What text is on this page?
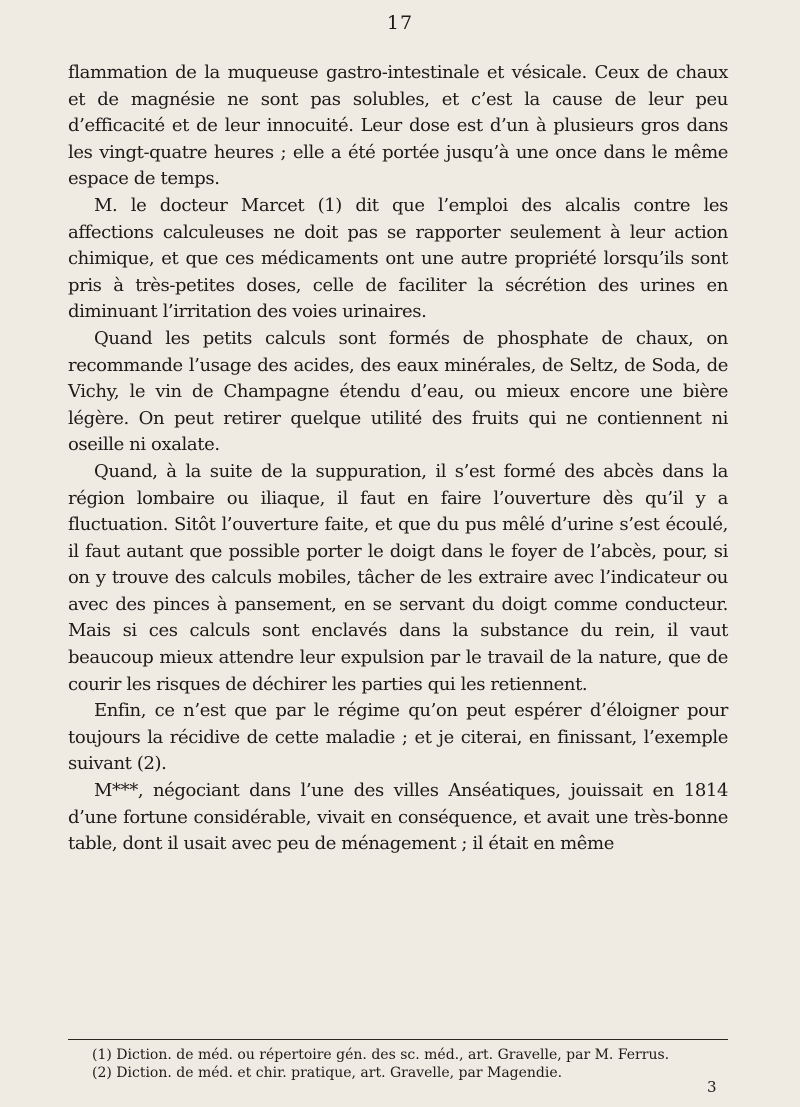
17

flammation de la muqueuse gastro-intestinale et vésicale. Ceux de chaux et de magnésie ne sont pas solubles, et c’est la cause de leur peu d’efficacité et de leur innocuité. Leur dose est d’un à plusieurs gros dans les vingt-quatre heures ; elle a été portée jusqu’à une once dans le même espace de temps.

M. le docteur Marcet (1) dit que l’emploi des alcalis contre les affections calculeuses ne doit pas se rapporter seulement à leur action chimique, et que ces médicaments ont une autre propriété lorsqu’ils sont pris à très-petites doses, celle de faciliter la sécrétion des urines en diminuant l’irritation des voies urinaires.

Quand les petits calculs sont formés de phosphate de chaux, on recommande l’usage des acides, des eaux minérales, de Seltz, de Soda, de Vichy, le vin de Champagne étendu d’eau, ou mieux encore une bière légère. On peut retirer quelque utilité des fruits qui ne contiennent ni oseille ni oxalate.

Quand, à la suite de la suppuration, il s’est formé des abcès dans la région lombaire ou iliaque, il faut en faire l’ouverture dès qu’il y a fluctuation. Sitôt l’ouverture faite, et que du pus mêlé d’urine s’est écoulé, il faut autant que possible porter le doigt dans le foyer de l’abcès, pour, si on y trouve des calculs mobiles, tâcher de les extraire avec l’indicateur ou avec des pinces à pansement, en se servant du doigt comme conducteur. Mais si ces calculs sont enclavés dans la substance du rein, il vaut beaucoup mieux attendre leur expulsion par le travail de la nature, que de courir les risques de déchirer les parties qui les retiennent.

Enfin, ce n’est que par le régime qu’on peut espérer d’éloigner pour toujours la récidive de cette maladie ; et je citerai, en finissant, l’exemple suivant (2).

M***, négociant dans l’une des villes Anséatiques, jouissait en 1814 d’une fortune considérable, vivait en conséquence, et avait une très-bonne table, dont il usait avec peu de ménagement ; il était en même

(1) Diction. de méd. ou répertoire gén. des sc. méd., art. Gravelle, par M. Ferrus.

(2) Diction. de méd. et chir. pratique, art. Gravelle, par Magendie.

3
